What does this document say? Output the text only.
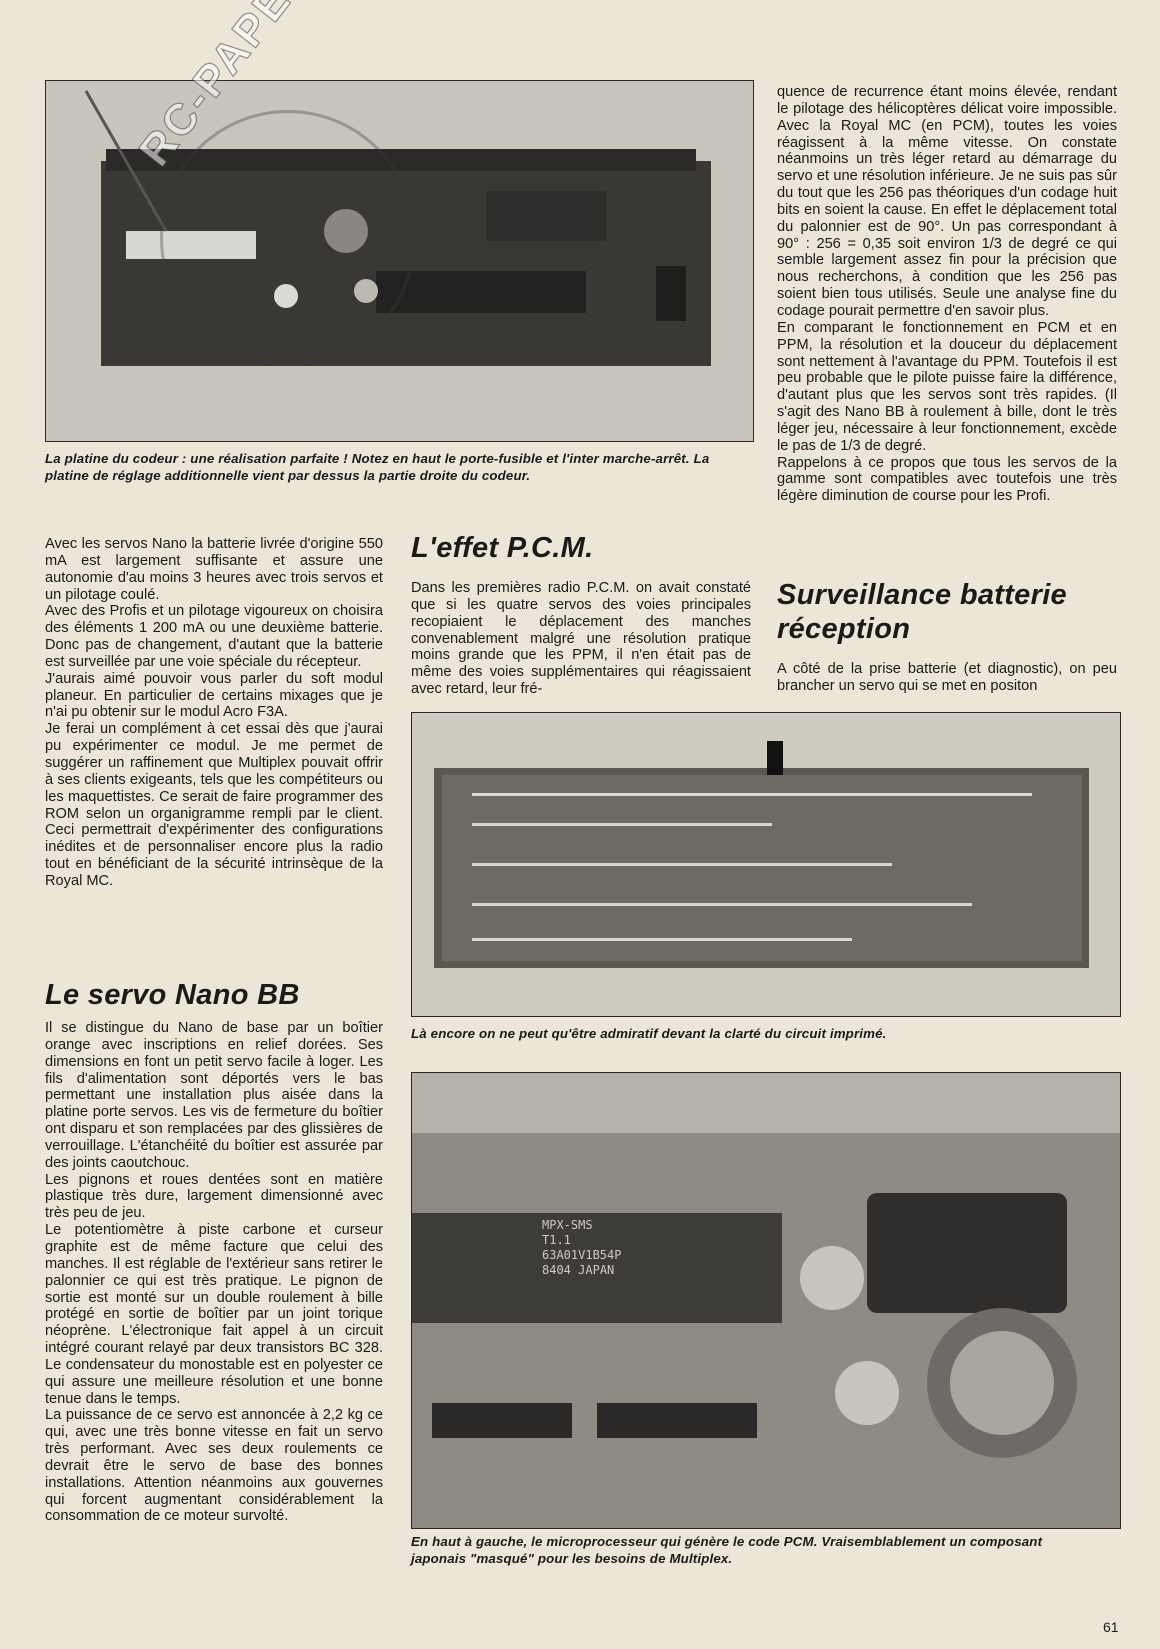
La platine du codeur : une réalisation parfaite ! Notez en haut le porte-fusible et l'inter marche-arrêt. La platine de réglage additionnelle vient par dessus la partie droite du codeur.
Avec les servos Nano la batterie livrée d'origine 550 mA est largement suffisante et assure une autonomie d'au moins 3 heures avec trois servos et un pilotage coulé.
Avec des Profis et un pilotage vigoureux on choisira des éléments 1 200 mA ou une deuxième batterie. Donc pas de changement, d'autant que la batterie est surveillée par une voie spéciale du récepteur.
J'aurais aimé pouvoir vous parler du soft modul planeur. En particulier de certains mixages que je n'ai pu obtenir sur le modul Acro F3A.
Je ferai un complément à cet essai dès que j'aurai pu expérimenter ce modul. Je me permet de suggérer un raffinement que Multiplex pouvait offrir à ses clients exigeants, tels que les compétiteurs ou les maquettistes. Ce serait de faire programmer des ROM selon un organigramme rempli par le client. Ceci permettrait d'expérimenter des configurations inédites et de personnaliser encore plus la radio tout en bénéficiant de la sécurité intrinsèque de la Royal MC.
Le servo Nano BB
Il se distingue du Nano de base par un boîtier orange avec inscriptions en relief dorées. Ses dimensions en font un petit servo facile à loger. Les fils d'alimentation sont déportés vers le bas permettant une installation plus aisée dans la platine porte servos. Les vis de fermeture du boîtier ont disparu et son remplacées par des glissières de verrouillage. L'étanchéité du boîtier est assurée par des joints caoutchouc.
Les pignons et roues dentées sont en matière plastique très dure, largement dimensionné avec très peu de jeu.
Le potentiomètre à piste carbone et curseur graphite est de même facture que celui des manches. Il est réglable de l'extérieur sans retirer le palonnier ce qui est très pratique. Le pignon de sortie est monté sur un double roulement à bille protégé en sortie de boîtier par un joint torique néoprène. L'électronique fait appel à un circuit intégré courant relayé par deux transistors BC 328. Le condensateur du monostable est en polyester ce qui assure une meilleure résolution et une bonne tenue dans le temps.
La puissance de ce servo est annoncée à 2,2 kg ce qui, avec une très bonne vitesse en fait un servo très performant. Avec ses deux roulements ce devrait être le servo de base des bonnes installations. Attention néanmoins aux gouvernes qui forcent augmentant considérablement la consommation de ce moteur survolté.
L'effet P.C.M.
Dans les premières radio P.C.M. on avait constaté que si les quatre servos des voies principales recopiaient le déplacement des manches convenablement malgré une résolution pratique moins grande que les PPM, il n'en était pas de même des voies supplémentaires qui réagissaient avec retard, leur fré-
quence de recurrence étant moins élevée, rendant le pilotage des hélicoptères délicat voire impossible. Avec la Royal MC (en PCM), toutes les voies réagissent à la même vitesse. On constate néanmoins un très léger retard au démarrage du servo et une résolution inférieure. Je ne suis pas sûr du tout que les 256 pas théoriques d'un codage huit bits en soient la cause. En effet le déplacement total du palonnier est de 90°. Un pas correspondant à 90° : 256 = 0,35 soit environ 1/3 de degré ce qui semble largement assez fin pour la précision que nous recherchons, à condition que les 256 pas soient bien tous utilisés. Seule une analyse fine du codage pourait permettre d'en savoir plus.
En comparant le fonctionnement en PCM et en PPM, la résolution et la douceur du déplacement sont nettement à l'avantage du PPM. Toutefois il est peu probable que le pilote puisse faire la différence, d'autant plus que les servos sont très rapides. (Il s'agit des Nano BB à roulement à bille, dont le très léger jeu, nécessaire à leur fonctionnement, excède le pas de 1/3 de degré.
Rappelons à ce propos que tous les servos de la gamme sont compatibles avec toutefois une très légère diminution de course pour les Profi.
Surveillance batterie réception
A côté de la prise batterie (et diagnostic), on peu brancher un servo qui se met en positon
Là encore on ne peut qu'être admiratif devant la clarté du circuit imprimé.
MPX-SMS
T1.1
63A01V1B54P
8404 JAPAN
En haut à gauche, le microprocesseur qui génère le code PCM. Vraisemblablement un composant japonais "masqué" pour les besoins de Multiplex.
61
